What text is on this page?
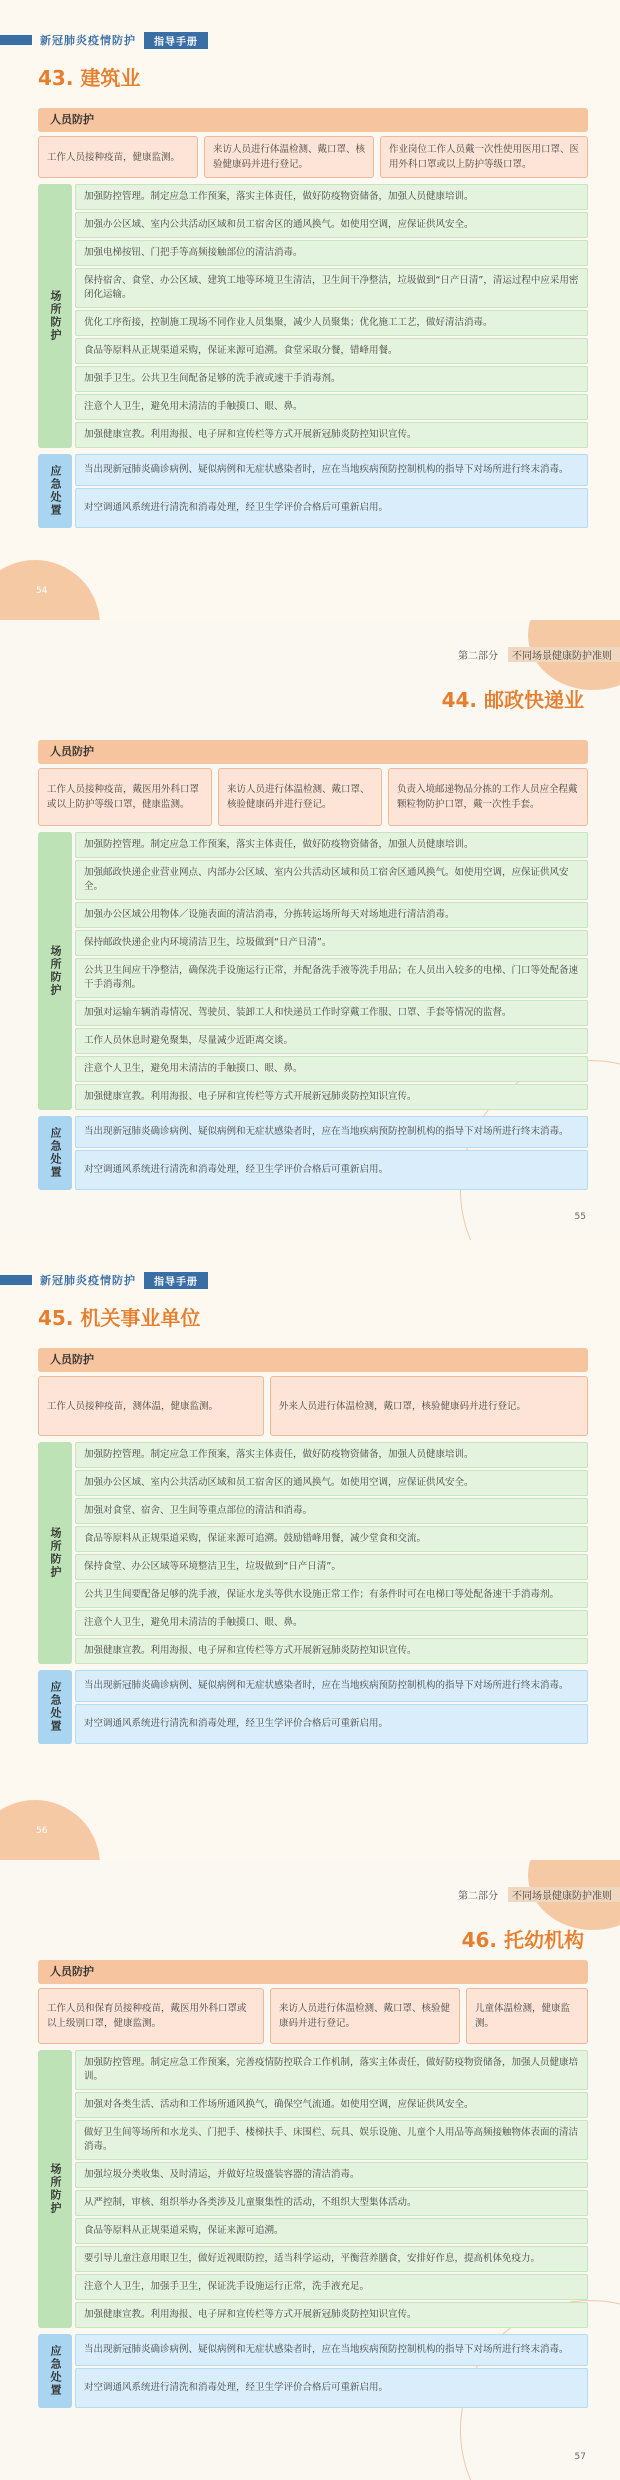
新冠肺炎疫情防护	指导手册
43. 建筑业
人员防护
工作人员接种疫苗，健康监测。
来访人员进行体温检测、戴口罩、核验健康码并进行登记。
作业岗位工作人员戴一次性使用医用口罩、医用外科口罩或以上防护等级口罩。
场所防护
加强防控管理。制定应急工作预案，落实主体责任，做好防疫物资储备，加强人员健康培训。
加强办公区域、室内公共活动区域和员工宿舍区的通风换气。如使用空调，应保证供风安全。
加强电梯按钮、门把手等高频接触部位的清洁消毒。
保持宿舍、食堂、办公区域、建筑工地等环境卫生清洁，卫生间干净整洁，垃圾做到“日产日清”，清运过程中应采用密闭化运输。
优化工序衔接，控制施工现场不同作业人员集聚，减少人员聚集；优化施工工艺，做好清洁消毒。
食品等原料从正规渠道采购，保证来源可追溯。食堂采取分餐，错峰用餐。
加强手卫生。公共卫生间配备足够的洗手液或速干手消毒剂。
注意个人卫生，避免用未清洁的手触摸口、眼、鼻。
加强健康宣教。利用海报、电子屏和宣传栏等方式开展新冠肺炎防控知识宣传。
应急处置	当出现新冠肺炎确诊病例、疑似病例和无症状感染者时，应在当地疾病预防控制机构的指导下对场所进行终末消毒。
对空调通风系统进行清洗和消毒处理，经卫生学评价合格后可重新启用。
54
第二部分	不同场景健康防护准则
44. 邮政快递业
人员防护
工作人员接种疫苗，戴医用外科口罩或以上防护等级口罩，健康监测。
来访人员进行体温检测、戴口罩、核验健康码并进行登记。
负责入境邮递物品分拣的工作人员应全程戴颗粒物防护口罩，戴一次性手套。
场所防护
加强防控管理。制定应急工作预案，落实主体责任，做好防疫物资储备，加强人员健康培训。
加强邮政快递企业营业网点、内部办公区域、室内公共活动区域和员工宿舍区通风换气。如使用空调，应保证供风安全。
加强办公区域公用物体／设施表面的清洁消毒，分拣转运场所每天对场地进行清洁消毒。
保持邮政快递企业内环境清洁卫生，垃圾做到“日产日清”。
公共卫生间应干净整洁，确保洗手设施运行正常，并配备洗手液等洗手用品；在人员出入较多的电梯、门口等处配备速干手消毒剂。
加强对运输车辆消毒情况、驾驶员、装卸工人和快递员工作时穿戴工作服、口罩、手套等情况的监督。
工作人员休息时避免聚集，尽量减少近距离交谈。
注意个人卫生，避免用未清洁的手触摸口、眼、鼻。
加强健康宣教。利用海报、电子屏和宣传栏等方式开展新冠肺炎防控知识宣传。
应急处置	当出现新冠肺炎确诊病例、疑似病例和无症状感染者时，应在当地疾病预防控制机构的指导下对场所进行终末消毒。
对空调通风系统进行清洗和消毒处理，经卫生学评价合格后可重新启用。
55
新冠肺炎疫情防护	指导手册
45. 机关事业单位
人员防护
工作人员接种疫苗，测体温，健康监测。	外来人员进行体温检测，戴口罩，核验健康码并进行登记。
场所防护
加强防控管理。制定应急工作预案，落实主体责任，做好防疫物资储备，加强人员健康培训。
加强办公区域、室内公共活动区域和员工宿舍区的通风换气。如使用空调，应保证供风安全。
加强对食堂、宿舍、卫生间等重点部位的清洁和消毒。
食品等原料从正规渠道采购，保证来源可追溯。鼓励错峰用餐，减少堂食和交流。
保持食堂、办公区域等环境整洁卫生，垃圾做到“日产日清”。
公共卫生间要配备足够的洗手液，保证水龙头等供水设施正常工作；有条件时可在电梯口等处配备速干手消毒剂。
注意个人卫生，避免用未清洁的手触摸口、眼、鼻。
加强健康宣教。利用海报、电子屏和宣传栏等方式开展新冠肺炎防控知识宣传。
应急处置	当出现新冠肺炎确诊病例、疑似病例和无症状感染者时，应在当地疾病预防控制机构的指导下对场所进行终末消毒。
对空调通风系统进行清洗和消毒处理，经卫生学评价合格后可重新启用。
56
第二部分	不同场景健康防护准则
46. 托幼机构
人员防护
工作人员和保育员接种疫苗，戴医用外科口罩或以上级别口罩，健康监测。
来访人员进行体温检测、戴口罩、核验健康码并进行登记。
儿童体温检测，健康监测。
场所防护
加强防控管理。制定应急工作预案，完善疫情防控联合工作机制，落实主体责任，做好防疫物资储备，加强人员健康培训。
加强对各类生活、活动和工作场所通风换气，确保空气流通。如使用空调，应保证供风安全。
做好卫生间等场所和水龙头、门把手、楼梯扶手、床围栏、玩具、娱乐设施、儿童个人用品等高频接触物体表面的清洁消毒。
加强垃圾分类收集、及时清运，并做好垃圾盛装容器的清洁消毒。
从严控制，审核、组织举办各类涉及儿童聚集性的活动，不组织大型集体活动。
食品等原料从正规渠道采购，保证来源可追溯。
要引导儿童注意用眼卫生，做好近视眼防控，适当科学运动，平衡营养膳食，安排好作息，提高机体免疫力。
注意个人卫生，加强手卫生，保证洗手设施运行正常，洗手液充足。
加强健康宣教。利用海报、电子屏和宣传栏等方式开展新冠肺炎防控知识宣传。
应急处置	当出现新冠肺炎确诊病例、疑似病例和无症状感染者时，应在当地疾病预防控制机构的指导下对场所进行终末消毒。
对空调通风系统进行清洗和消毒处理，经卫生学评价合格后可重新启用。
57
